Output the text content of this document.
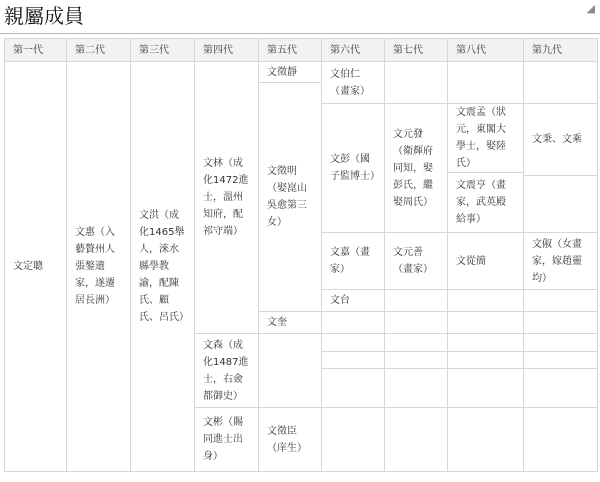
親屬成員	◢
第一代	第二代	第三代	第四代	第五代	第六代	第七代	第八代	第九代
文定聰	文惠（入藝贅州人張鏊遺家，遂遷居長洲）	文洪（成化1465舉人，淶水縣學教諭，配陳氏、顧氏、呂氏）	文林（成化1472進士，溫州知府，配祁守端）	文徵靜	文伯仁（畫家）			
				文徵明（娶崑山吳愈第三女）				
					文彭（國子監博士）	文元發（衛輝府同知，娶彭氏，繼娶周氏）	文震孟（狀元，東閣大學士，娶陸氏）	文秉、文乘
							文震亨（畫家，武英殿給事）	

					文嘉（畫家）	文元善（畫家）	文從簡	文俶（女畫家，嫁趙靈均）
					文台			
				文奎				
			文森（成化1487進士，右僉都御史）					

			文彬（賜同進士出身）	文徵臣（庠生）				
